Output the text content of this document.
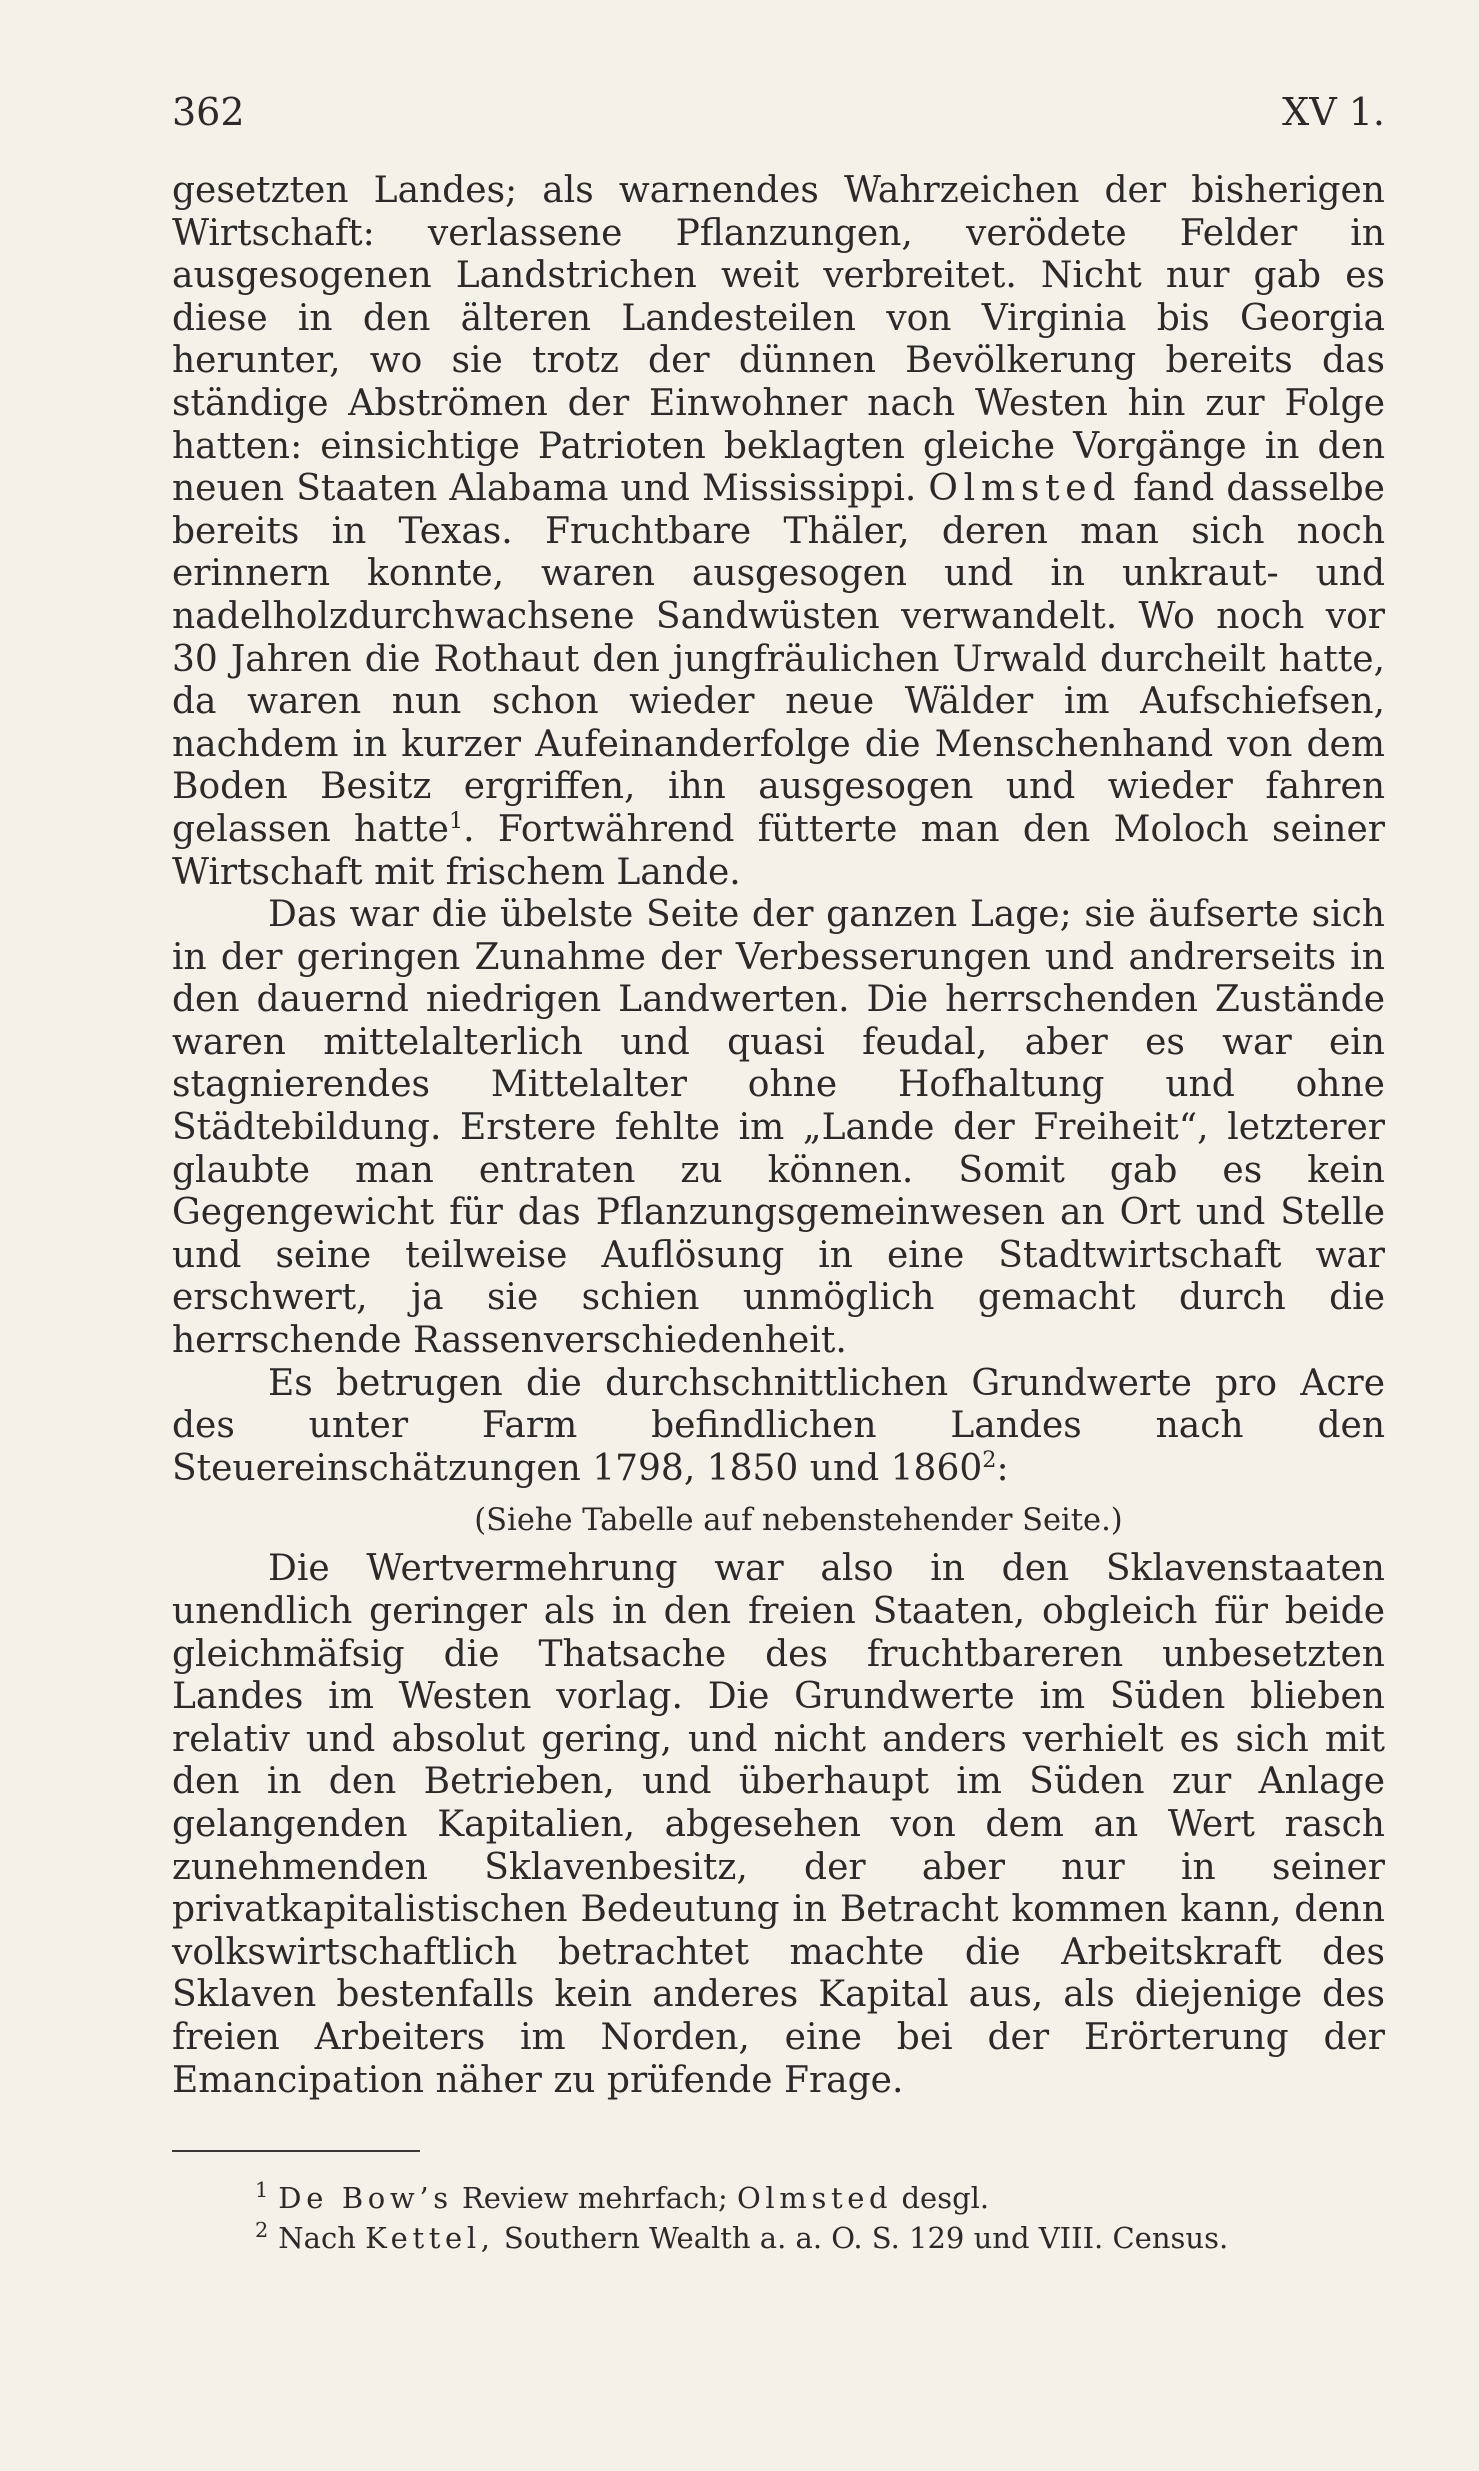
362	XV 1.

gesetzten Landes; als warnendes Wahrzeichen der bisherigen Wirtschaft: verlassene Pflanzungen, verödete Felder in ausgesogenen Landstrichen weit verbreitet. Nicht nur gab es diese in den älteren Landesteilen von Virginia bis Georgia herunter, wo sie trotz der dünnen Bevölkerung bereits das ständige Abströmen der Einwohner nach Westen hin zur Folge hatten: einsichtige Patrioten beklagten gleiche Vorgänge in den neuen Staaten Alabama und Mississippi. Olmsted fand dasselbe bereits in Texas. Fruchtbare Thäler, deren man sich noch erinnern konnte, waren ausgesogen und in unkraut- und nadelholzdurchwachsene Sandwüsten verwandelt. Wo noch vor 30 Jahren die Rothaut den jungfräulichen Urwald durcheilt hatte, da waren nun schon wieder neue Wälder im Aufschiefsen, nachdem in kurzer Aufeinanderfolge die Menschenhand von dem Boden Besitz ergriffen, ihn ausgesogen und wieder fahren gelassen hatte$^1$. Fortwährend fütterte man den Moloch seiner Wirtschaft mit frischem Lande.

Das war die übelste Seite der ganzen Lage; sie äufserte sich in der geringen Zunahme der Verbesserungen und andrerseits in den dauernd niedrigen Landwerten. Die herrschenden Zustände waren mittelalterlich und quasi feudal, aber es war ein stagnierendes Mittelalter ohne Hofhaltung und ohne Städtebildung. Erstere fehlte im „Lande der Freiheit“, letzterer glaubte man entraten zu können. Somit gab es kein Gegengewicht für das Pflanzungsgemeinwesen an Ort und Stelle und seine teilweise Auflösung in eine Stadtwirtschaft war erschwert, ja sie schien unmöglich gemacht durch die herrschende Rassenverschiedenheit.

Es betrugen die durchschnittlichen Grundwerte pro Acre des unter Farm befindlichen Landes nach den Steuereinschätzungen 1798, 1850 und 1860$^2$:

(Siehe Tabelle auf nebenstehender Seite.)

Die Wertvermehrung war also in den Sklavenstaaten unendlich geringer als in den freien Staaten, obgleich für beide gleichmäfsig die Thatsache des fruchtbareren unbesetzten Landes im Westen vorlag. Die Grundwerte im Süden blieben relativ und absolut gering, und nicht anders verhielt es sich mit den in den Betrieben, und überhaupt im Süden zur Anlage gelangenden Kapitalien, abgesehen von dem an Wert rasch zunehmenden Sklavenbesitz, der aber nur in seiner privatkapitalistischen Bedeutung in Betracht kommen kann, denn volkswirtschaftlich betrachtet machte die Arbeitskraft des Sklaven bestenfalls kein anderes Kapital aus, als diejenige des freien Arbeiters im Norden, eine bei der Erörterung der Emancipation näher zu prüfende Frage.

$^1$ De Bow’s Review mehrfach; Olmsted desgl.
$^2$ Nach Kettel, Southern Wealth a. a. O. S. 129 und VIII. Census.
